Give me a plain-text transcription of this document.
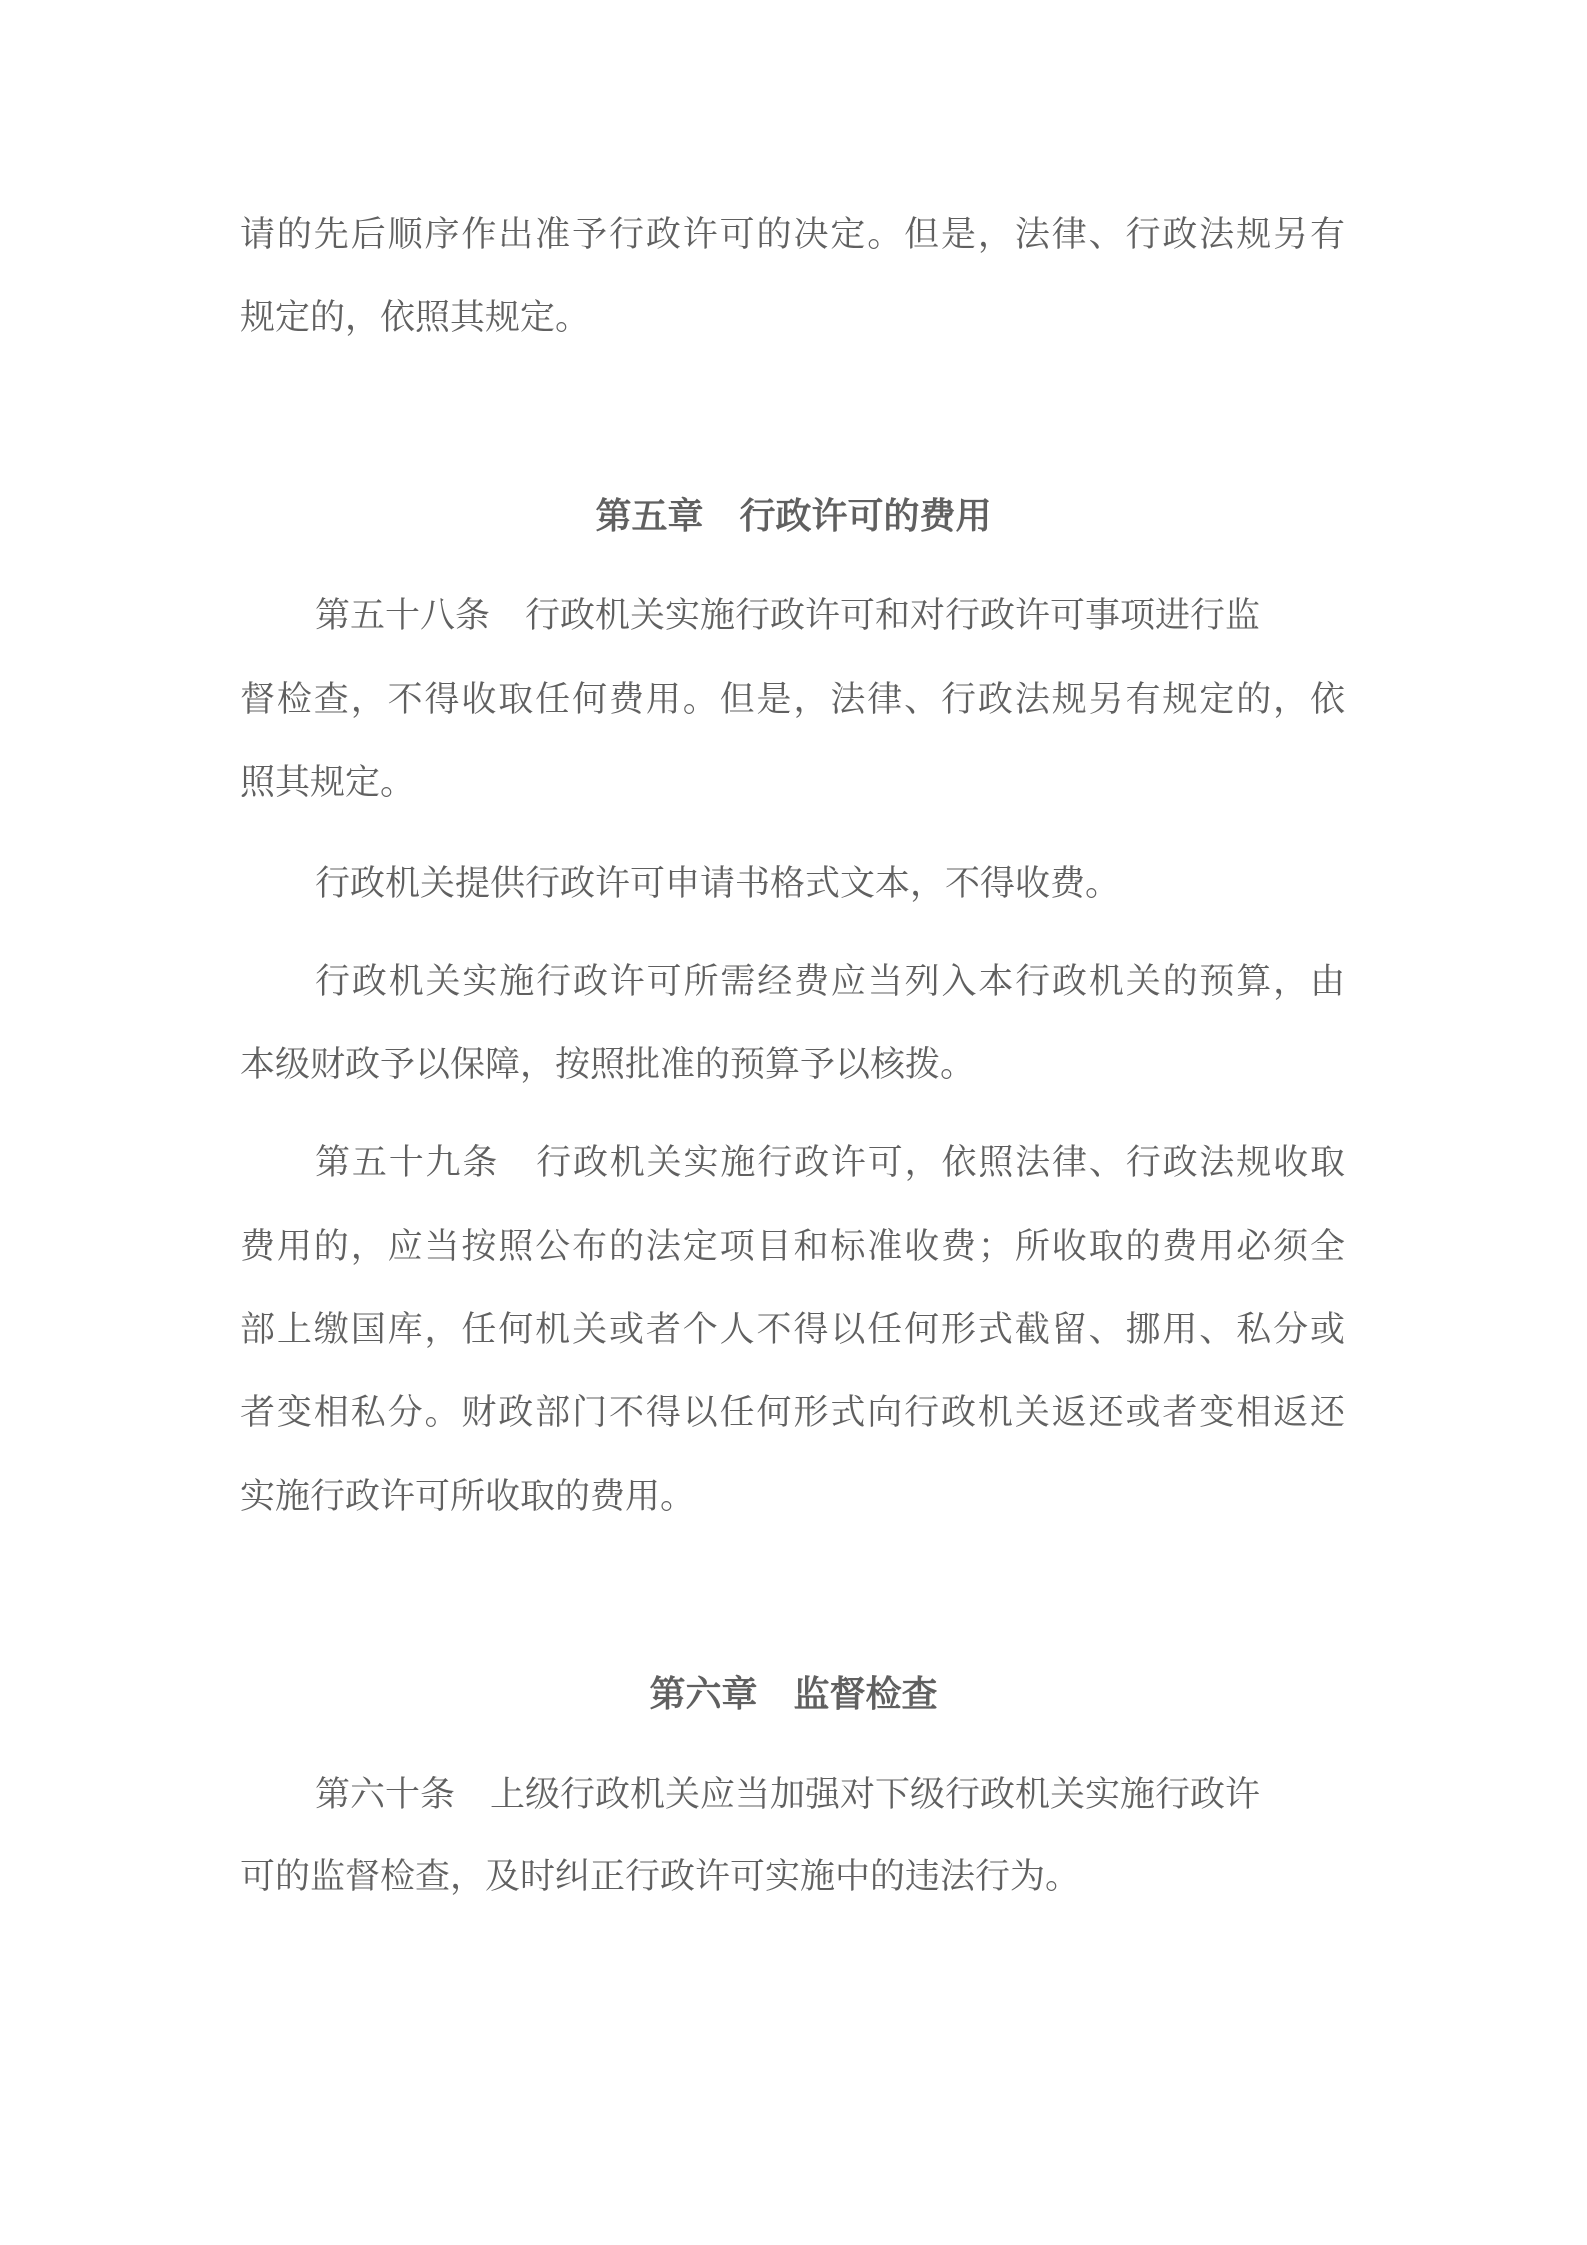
请的先后顺序作出准予行政许可的决定。但是，法律、行政法规另有
规定的，依照其规定。
第五章　行政许可的费用
第五十八条　行政机关实施行政许可和对行政许可事项进行监
督检查，不得收取任何费用。但是，法律、行政法规另有规定的，依
照其规定。
行政机关提供行政许可申请书格式文本，不得收费。
行政机关实施行政许可所需经费应当列入本行政机关的预算，由
本级财政予以保障，按照批准的预算予以核拨。
第五十九条　行政机关实施行政许可，依照法律、行政法规收取
费用的，应当按照公布的法定项目和标准收费；所收取的费用必须全
部上缴国库，任何机关或者个人不得以任何形式截留、挪用、私分或
者变相私分。财政部门不得以任何形式向行政机关返还或者变相返还
实施行政许可所收取的费用。
第六章　监督检查
第六十条　上级行政机关应当加强对下级行政机关实施行政许
可的监督检查，及时纠正行政许可实施中的违法行为。
